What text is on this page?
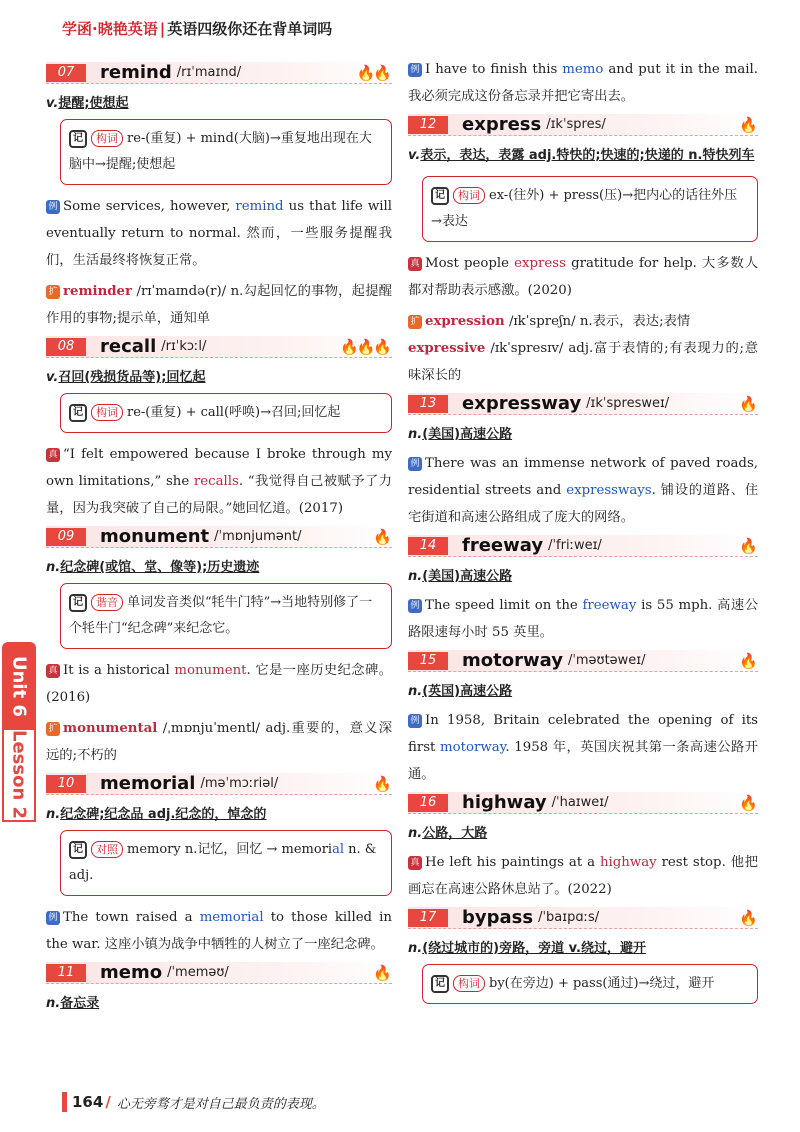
学函·晓艳英语 | 英语四级你还在背单词吗
Unit 6
Lesson 2
07	remind /rɪˈmaɪnd/	🔥🔥
v.提醒;使想起
记 构词 re-(重复) + mind(大脑)→重复地出现在大脑中→提醒;使想起
例 Some services, however, remind us that life will eventually return to normal. 然而，一些服务提醒我们，生活最终将恢复正常。
扩 reminder /rɪˈmaɪndə(r)/ n.勾起回忆的事物，起提醒作用的事物;提示单，通知单
08	recall /rɪˈkɔːl/	🔥🔥🔥
v.召回(残损货品等);回忆起
记 构词 re-(重复) + call(呼唤)→召回;回忆起
真 “I felt empowered because I broke through my own limitations,” she recalls. “我觉得自己被赋予了力量，因为我突破了自己的局限。”她回忆道。(2017)
09	monument /ˈmɒnjumənt/	🔥
n.纪念碑(或馆、堂、像等);历史遗迹
记 谐音 单词发音类似“牦牛门特”→当地特别修了一个牦牛门“纪念碑”来纪念它。
真 It is a historical monument. 它是一座历史纪念碑。(2016)
扩 monumental /ˌmɒnjuˈmentl/ adj.重要的，意义深远的;不朽的
10	memorial /məˈmɔːriəl/	🔥
n.纪念碑;纪念品 adj.纪念的，悼念的
记 对照 memory n.记忆，回忆 → memorial n. & adj.
例 The town raised a memorial to those killed in the war. 这座小镇为战争中牺牲的人树立了一座纪念碑。
11	memo /ˈmeməʊ/	🔥
n.备忘录
例 I have to finish this memo and put it in the mail. 我必须完成这份备忘录并把它寄出去。
12	express /ɪkˈspres/	🔥
v.表示，表达，表露 adj.特快的;快速的;快递的 n.特快列车
记 构词 ex-(往外) + press(压)→把内心的话往外压→表达
真 Most people express gratitude for help. 大多数人都对帮助表示感激。(2020)
扩 expression /ɪkˈspreʃn/ n.表示，表达;表情
expressive /ɪkˈspresɪv/ adj.富于表情的;有表现力的;意味深长的
13	expressway /ɪkˈspresweɪ/	🔥
n.(美国)高速公路
例 There was an immense network of paved roads, residential streets and expressways. 铺设的道路、住宅街道和高速公路组成了庞大的网络。
14	freeway /ˈfriːweɪ/	🔥
n.(美国)高速公路
例 The speed limit on the freeway is 55 mph. 高速公路限速每小时 55 英里。
15	motorway /ˈməʊtəweɪ/	🔥
n.(英国)高速公路
例 In 1958, Britain celebrated the opening of its first motorway. 1958 年，英国庆祝其第一条高速公路开通。
16	highway /ˈhaɪweɪ/	🔥
n.公路，大路
真 He left his paintings at a highway rest stop. 他把画忘在高速公路休息站了。(2022)
17	bypass /ˈbaɪpɑːs/	🔥
n.(绕过城市的)旁路，旁道 v.绕过，避开
记 构词 by(在旁边) + pass(通过)→绕过，避开
164 / 心无旁骛才是对自己最负责的表现。
